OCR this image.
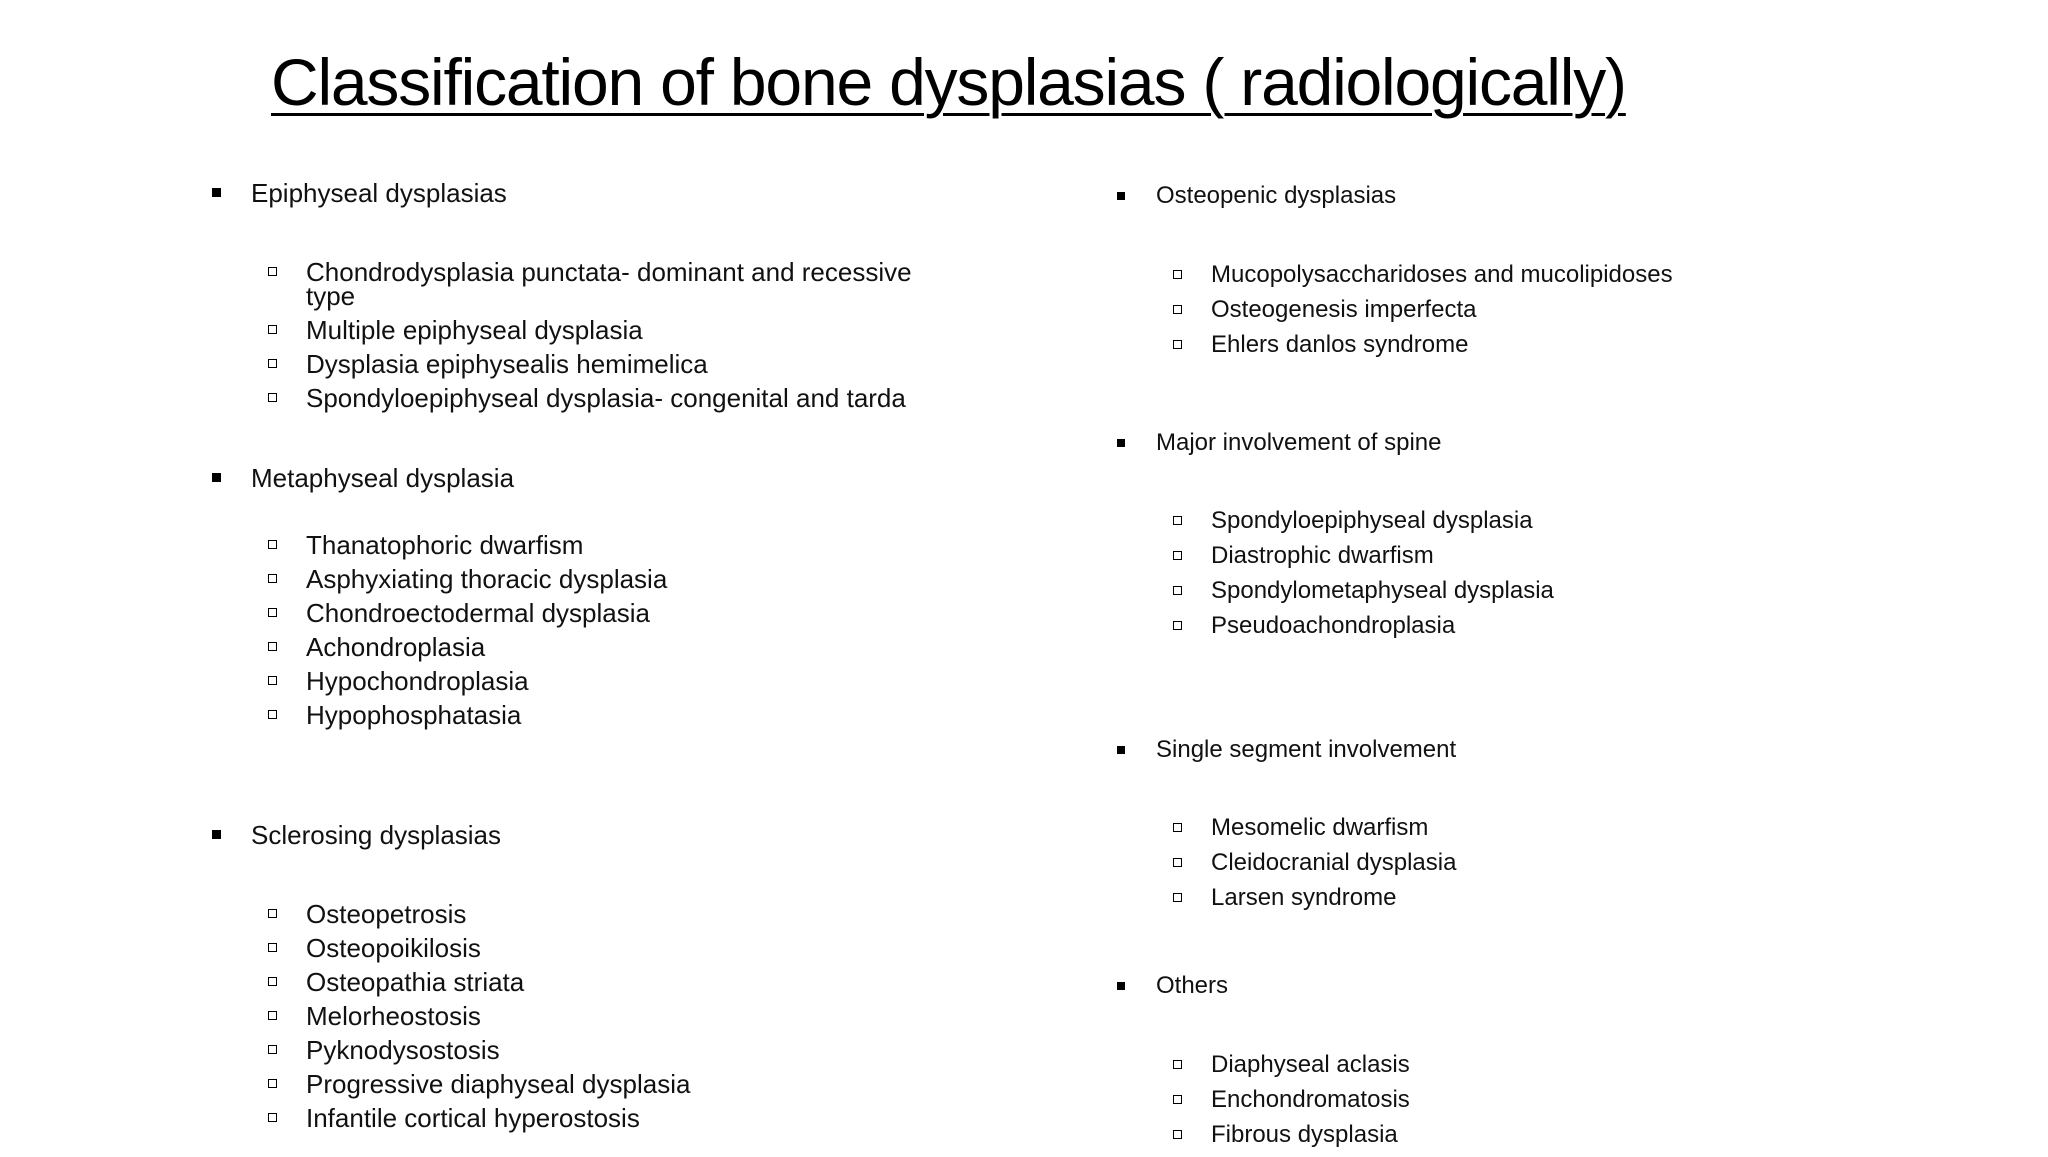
Classification of bone dysplasias ( radiologically)
Epiphyseal dysplasias
Chondrodysplasia punctata- dominant and recessive type
Multiple epiphyseal dysplasia
Dysplasia epiphysealis hemimelica
Spondyloepiphyseal dysplasia- congenital and tarda
Metaphyseal dysplasia
Thanatophoric dwarfism
Asphyxiating thoracic dysplasia
Chondroectodermal dysplasia
Achondroplasia
Hypochondroplasia
Hypophosphatasia
Sclerosing dysplasias
Osteopetrosis
Osteopoikilosis
Osteopathia striata
Melorheostosis
Pyknodysostosis
Progressive diaphyseal dysplasia
Infantile cortical hyperostosis
Osteopenic dysplasias
Mucopolysaccharidoses and mucolipidoses
Osteogenesis imperfecta
Ehlers danlos syndrome
Major involvement of spine
Spondyloepiphyseal dysplasia
Diastrophic dwarfism
Spondylometaphyseal dysplasia
Pseudoachondroplasia
Single segment involvement
Mesomelic dwarfism
Cleidocranial dysplasia
Larsen syndrome
Others
Diaphyseal aclasis
Enchondromatosis
Fibrous dysplasia
